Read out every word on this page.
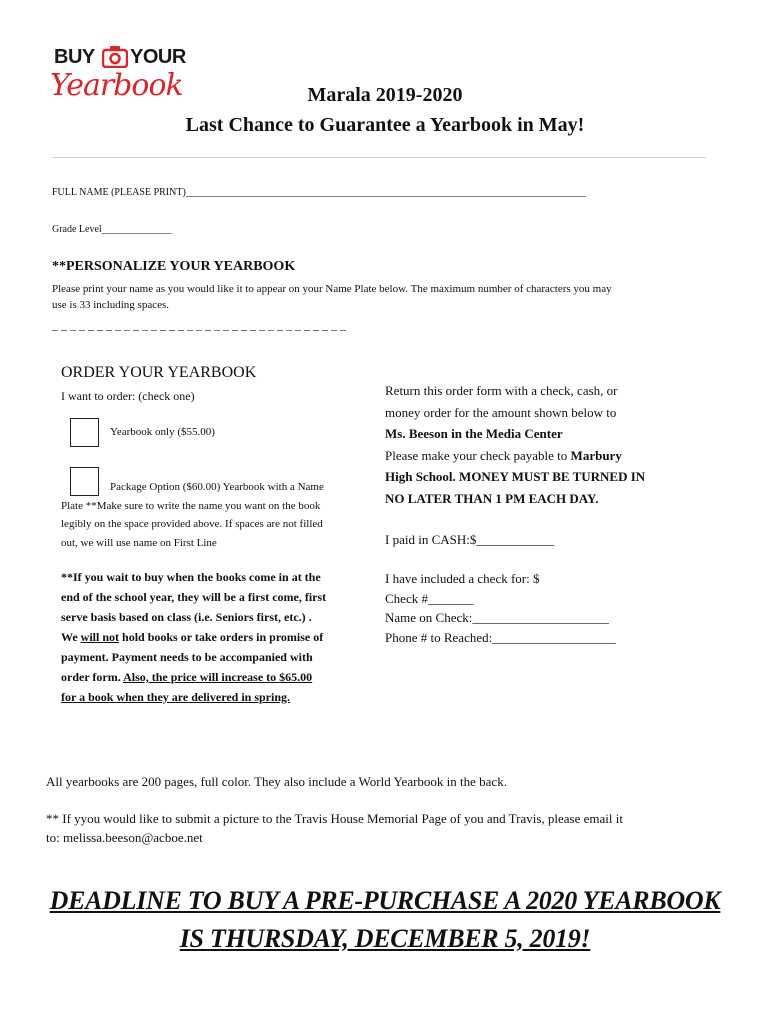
BUY YOUR
Yearbook	Marala 2019-2020
Last Chance to Guarantee a Yearbook in May!
FULL NAME (PLEASE PRINT)________________________________________________________________________________
Grade Level______________
**PERSONALIZE YOUR YEARBOOK
Please print your name as you would like it to appear on your Name Plate below. The maximum number of characters you may
use is 33 including spaces.
_ _ _ _ _ _ _ _ _ _ _ _ _ _ _ _ _ _ _ _ _ _ _ _ _ _ _ _ _ _ _ _ _
ORDER YOUR YEARBOOK
I want to order: (check one)
Yearbook only ($55.00)
Package Option ($60.00) Yearbook with a Name
Plate **Make sure to write the name you want on the book
legibly on the space provided above. If spaces are not filled
out, we will use name on First Line
**If you wait to buy when the books come in at the
end of the school year, they will be a first come, first
serve basis based on class (i.e. Seniors first, etc.) .
We will not hold books or take orders in promise of
payment. Payment needs to be accompanied with
order form. Also, the price will increase to $65.00
for a book when they are delivered in spring.
Return this order form with a check, cash, or
money order for the amount shown below to
Ms. Beeson in the Media Center
Please make your check payable to Marbury
High School. MONEY MUST BE TURNED IN
NO LATER THAN 1 PM EACH DAY.
I paid in CASH:$____________
I have included a check for: $
Check #_______
Name on Check:_____________________
Phone # to Reached:___________________
All yearbooks are 200 pages, full color. They also include a World Yearbook in the back.
** If yyou would like to submit a picture to the Travis House Memorial Page of you and Travis, please email it
to: melissa.beeson@acboe.net
DEADLINE TO BUY A PRE-PURCHASE A 2020 YEARBOOK
IS THURSDAY, DECEMBER 5, 2019!
